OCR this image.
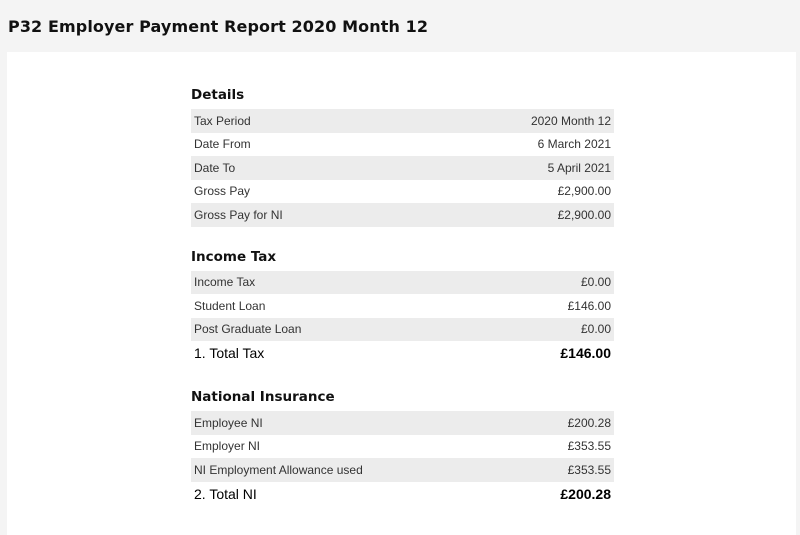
P32 Employer Payment Report 2020 Month 12
Details
Tax Period	2020 Month 12
Date From	6 March 2021
Date To	5 April 2021
Gross Pay	£2,900.00
Gross Pay for NI	£2,900.00
Income Tax
Income Tax	£0.00
Student Loan	£146.00
Post Graduate Loan	£0.00
1. Total Tax	£146.00
National Insurance
Employee NI	£200.28
Employer NI	£353.55
NI Employment Allowance used	£353.55
2. Total NI	£200.28
